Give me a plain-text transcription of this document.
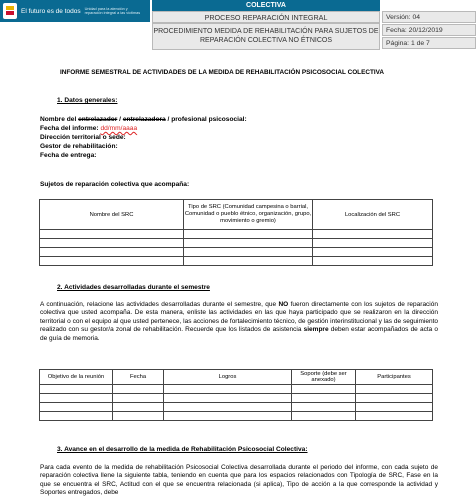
El futuro es de todos Unidad para la atención y reparación integral a las víctimas
COLECTIVA
PROCESO REPARACIÓN INTEGRAL
PROCEDIMIENTO MEDIDA DE REHABILITACIÓN PARA SUJETOS DE REPARACIÓN COLECTIVA NO ÉTNICOS
Versión: 04
Fecha: 20/12/2019
Página: 1 de 7
INFORME SEMESTRAL DE ACTIVIDADES DE LA MEDIDA DE REHABILITACIÓN PSICOSOCIAL COLECTIVA
1. Datos generales:
Nombre del entrelazador / entrelazadora / profesional psicosocial:
Fecha del informe: dd/mm/aaaa
Dirección territorial o sede:
Gestor de rehabilitación:
Fecha de entrega:
Sujetos de reparación colectiva que acompaña:
Nombre del SRC	Tipo de SRC (Comunidad campesina o barrial, Comunidad o pueblo étnico, organización, grupo, movimiento o gremio)	Localización del SRC

2. Actividades desarrolladas durante el semestre
A continuación, relacione las actividades desarrolladas durante el semestre, que NO fueron directamente con los sujetos de reparación colectiva que usted acompaña. De esta manera, enliste las actividades en las que haya participado que se realizaron en la dirección territorial o con el equipo al que usted pertenece, las acciones de fortalecimiento técnico, de gestión interinstitucional y las de seguimiento realizado con su gestor/a zonal de rehabilitación. Recuerde que los listados de asistencia siempre deben estar acompañados de acta o de guía de memoria.
Objetivo de la reunión	Fecha	Logros	Soporte (debe ser anexado)	Participantes

3. Avance en el desarrollo de la medida de Rehabilitación Psicosocial Colectiva:
Para cada evento de la medida de rehabilitación Psicosocial Colectiva desarrollada durante el periodo del informe, con cada sujeto de reparación colectiva llene la siguiente tabla, teniendo en cuenta que para los espacios relacionados con Tipología de SRC, Fase en la que se encuentra el SRC, Actitud con el que se encuentra relacionada (si aplica), Tipo de acción a la que corresponde la actividad y Soportes entregados, debe
